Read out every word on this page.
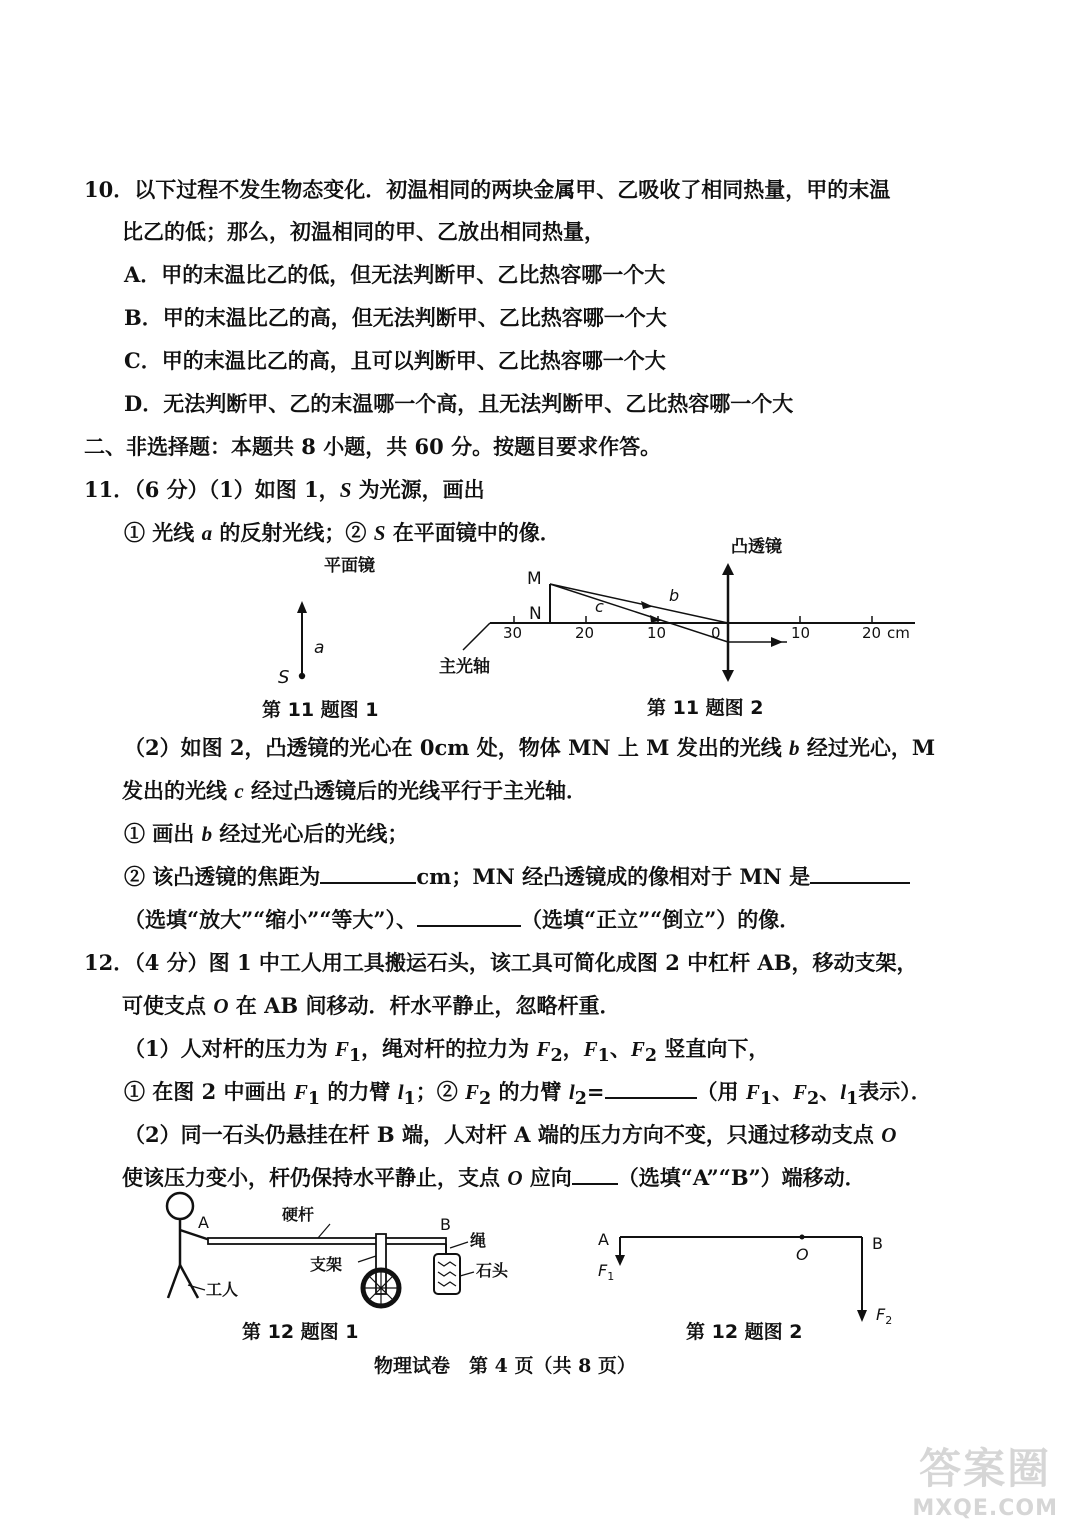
10．以下过程不发生物态变化．初温相同的两块金属甲、乙吸收了相同热量，甲的末温
比乙的低；那么，初温相同的甲、乙放出相同热量，
A．甲的末温比乙的低，但无法判断甲、乙比热容哪一个大
B．甲的末温比乙的高，但无法判断甲、乙比热容哪一个大
C．甲的末温比乙的高，且可以判断甲、乙比热容哪一个大
D．无法判断甲、乙的末温哪一个高，且无法判断甲、乙比热容哪一个大
二、非选择题：本题共 8 小题，共 60 分。按题目要求作答。
11．（6 分）（1）如图 1，S 为光源，画出
① 光线 a 的反射光线；② S 在平面镜中的像．
平面镜
a
S
第 11 题图 1
主光轴
30	20	10	0	10	20 cm
M
N
b
c
凸透镜
第 11 题图 2
（2）如图 2，凸透镜的光心在 0cm 处，物体 MN 上 M 发出的光线 b 经过光心，M
发出的光线 c 经过凸透镜后的光线平行于主光轴．
① 画出 b 经过光心后的光线；
② 该凸透镜的焦距为	cm；MN 经凸透镜成的像相对于 MN 是
（选填“放大”“缩小”“等大”）、	（选填“正立”“倒立”）的像．
12．（4 分）图 1 中工人用工具搬运石头，该工具可简化成图 2 中杠杆 AB，移动支架，
可使支点 O 在 AB 间移动．杆水平静止，忽略杆重．
（1）人对杆的压力为 $F_1$，绳对杆的拉力为 $F_2$，$F_1$、$F_2$ 竖直向下，
① 在图 2 中画出 $F_1$ 的力臂 $l_1$；② $F_2$ 的力臂 $l_2=$	（用 $F_1$、$F_2$、$l_1$表示）．
（2）同一石头仍悬挂在杆 B 端，人对杆 A 端的压力方向不变，只通过移动支点 O
使该压力变小，杆仍保持水平静止，支点 O 应向 （选填“A”“B”）端移动．
工人
A	硬杆
B
支架
绳
石头
第 12 题图 1
A	B
$F_1$
O
$F_2$
第 12 题图 2
物理试卷　第 4 页（共 8 页）
答案圈
MXQE.COM
